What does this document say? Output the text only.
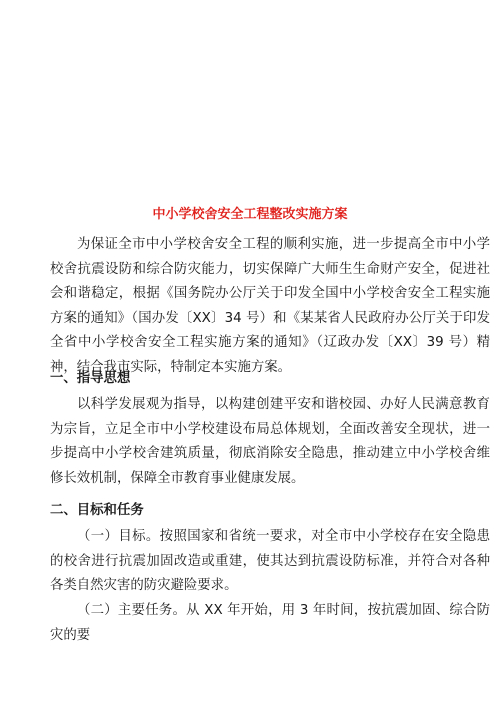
中小学校舍安全工程整改实施方案

为保证全市中小学校舍安全工程的顺利实施，进一步提高全市中小学校舍抗震设防和综合防灾能力，切实保障广大师生生命财产安全，促进社会和谐稳定，根据《国务院办公厅关于印发全国中小学校舍安全工程实施方案的通知》（国办发〔XX〕34 号）和《某某省人民政府办公厅关于印发全省中小学校舍安全工程实施方案的通知》（辽政办发〔XX〕39 号）精神，结合我市实际，特制定本实施方案。

一、指导思想

以科学发展观为指导，以构建创建平安和谐校园、办好人民满意教育为宗旨，立足全市中小学校建设布局总体规划，全面改善安全现状，进一步提高中小学校舍建筑质量，彻底消除安全隐患，推动建立中小学校舍维修长效机制，保障全市教育事业健康发展。

二、目标和任务

（一）目标。按照国家和省统一要求，对全市中小学校存在安全隐患的校舍进行抗震加固改造或重建，使其达到抗震设防标准，并符合对各种各类自然灾害的防灾避险要求。

（二）主要任务。从 XX 年开始，用 3 年时间，按抗震加固、综合防灾的要
